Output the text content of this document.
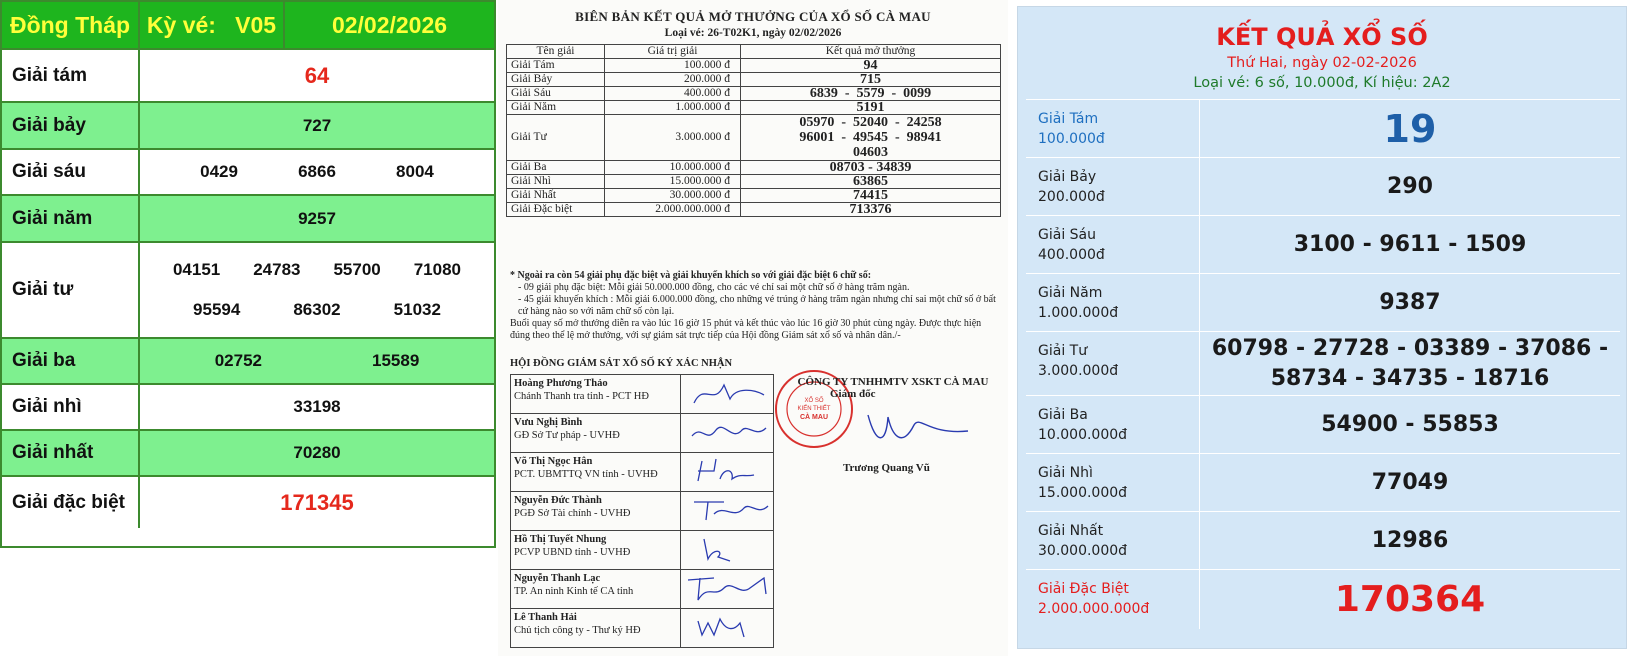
Đồng Tháp Kỳ vé:
V05	02/02/2026
Giải tám	64
Giải bảy	727
Giải sáu	0429	6866	8004
Giải năm	9257
Giải tư
04151 24783 55700 71080
95594	86302	51032
Giải ba	02752	15589
Giải nhì	33198
Giải nhất	70280
Giải đặc biệt	171345
BIÊN BẢN KẾT QUẢ MỞ THƯỞNG CỦA XỔ SỐ CÀ MAU
Loại vé: 26-T02K1, ngày 02/02/2026
Tên giải	Giá trị giải	Kết quả mở thưởng
Giải Tám	100.000 đ	94
Giải Bảy	200.000 đ	715
Giải Sáu	400.000 đ	6839  -  5579  -  0099
Giải Năm	1.000.000 đ	5191
Giải Tư	3.000.000 đ	05970  -  52040  -  24258
96001  -  49545  -  98941
04603

Giải Ba	10.000.000 đ	08703 - 34839
Giải Nhì	15.000.000 đ	63865
Giải Nhất	30.000.000 đ	74415
Giải Đặc biệt	2.000.000.000 đ	713376
* Ngoài ra còn 54 giải phụ đặc biệt và giải khuyến khích so với giải đặc biệt 6 chữ số:
- 09 giải phụ đặc biệt: Mỗi giải 50.000.000 đồng, cho các vé chỉ sai một chữ số ở hàng trăm ngàn.
- 45 giải khuyến khích : Mỗi giải 6.000.000 đồng, cho những vé trúng ở hàng trăm ngàn nhưng chỉ sai một chữ số ở bất cứ hàng nào so với năm chữ số còn lại.
Buổi quay số mở thưởng diễn ra vào lúc 16 giờ 15 phút và kết thúc vào lúc 16 giờ 30 phút cùng ngày. Được thực hiện đúng theo thể lệ mở thưởng, với sự giám sát trực tiếp của Hội đồng Giám sát xổ số và nhân dân./-
HỘI ĐỒNG GIÁM SÁT XỔ SỐ KÝ XÁC NHẬN
Hoàng Phương Thảo
Chánh Thanh tra tỉnh - PCT HĐ	
Vưu Nghị Bình
GĐ Sở Tư pháp - UVHĐ	
Võ Thị Ngọc Hân
PCT. UBMTTQ VN tỉnh - UVHĐ	
Nguyễn Đức Thành
PGĐ Sở Tài chính - UVHĐ	
Hồ Thị Tuyết Nhung
PCVP UBND tỉnh - UVHĐ	
Nguyễn Thanh Lạc
TP. An ninh Kinh tế CA tỉnh	
Lê Thanh Hải
Chủ tịch công ty - Thư ký HĐ	
XỔ SỐ
KIẾN THIẾT
CÀ MAU
CÔNG TY TNHHMTV XSKT CÀ MAU
Giám đốc
Trương Quang Vũ
KẾT QUẢ XỔ SỐ
Thứ Hai, ngày 02-02-2026
Loại vé: 6 số, 10.000đ, Kí hiệu: 2A2
Giải Tám
100.000đ	19
Giải Bảy
200.000đ	290
Giải Sáu
400.000đ	3100 - 9611 - 1509
Giải Năm
1.000.000đ	9387
Giải Tư
3.000.000đ
60798 - 27728 - 03389 - 37086 -
58734 - 34735 - 18716
Giải Ba
10.000.000đ	54900 - 55853
Giải Nhì
15.000.000đ	77049
Giải Nhất
30.000.000đ	12986
Giải Đặc Biệt
2.000.000.000đ	170364
